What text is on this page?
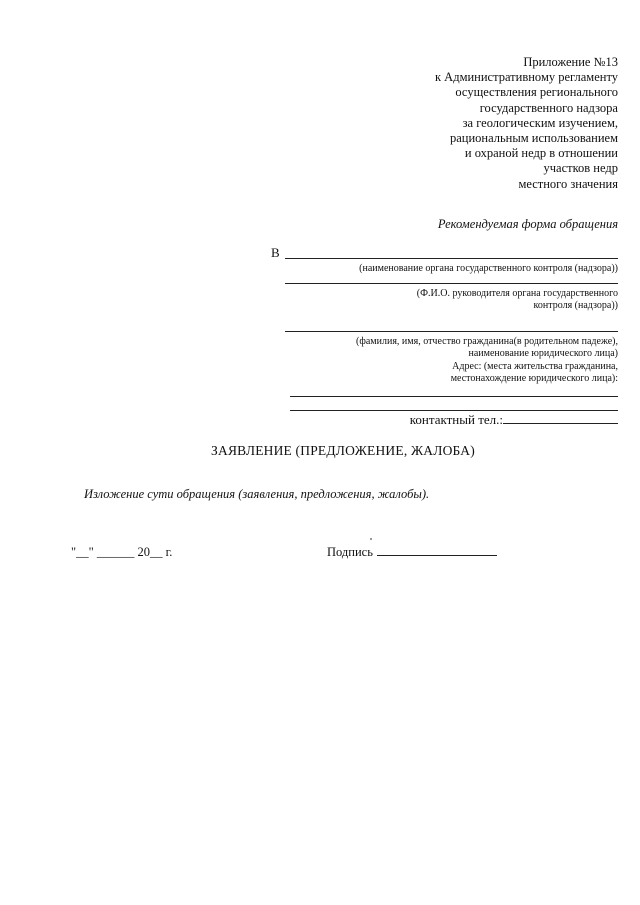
Приложение №13
к Административному регламенту
осуществления регионального
государственного надзора
за геологическим изучением,
рациональным использованием
и охраной недр в отношении
участков недр
местного значения
Рекомендуемая форма обращения
В
(наименование органа государственного контроля (надзора))
(Ф.И.О. руководителя органа государственного
контроля (надзора))
(фамилия, имя, отчество гражданина(в родительном падеже),
наименование юридического лица)
Адрес: (места жительства гражданина,
местонахождение юридического лица):
контактный тел.:
ЗАЯВЛЕНИЕ (ПРЕДЛОЖЕНИЕ, ЖАЛОБА)
Изложение сути обращения (заявления, предложения, жалобы).
"__" ______ 20__ г.	Подпись
